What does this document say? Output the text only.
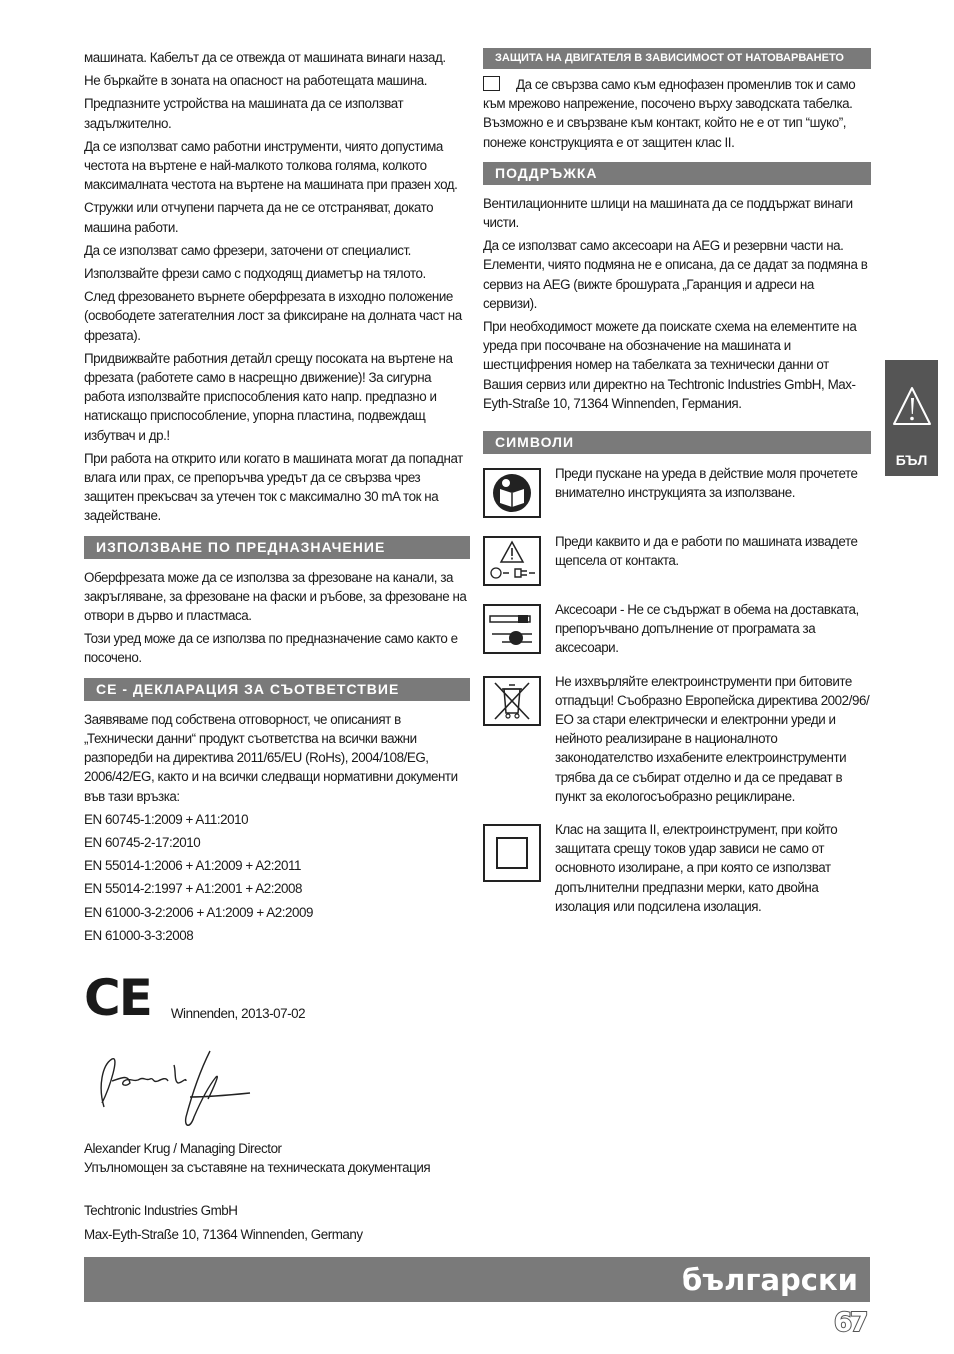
машината. Кабелът да се отвежда от машината винаги назад.

Не бъркайте в зоната на опасност на работещата машина.

Предпазните устройства на машината да се използват задължително.

Да се използват само работни инструменти, чиято допустима честота на въртене е най-малкото толкова голяма, колкото максималната честота на въртене на машината при празен ход.

Стружки или отчупени парчета да не се отстраняват, докато машина работи.

Да се използват само фрезери, заточени от специалист.

Използвайте фрези само с подходящ диаметър на тялото.

След фрезоването върнете оберфрезата в изходно положение (освободете затегателния лост за фиксиране на долната част на фрезата).

Придвижвайте работния детайл срещу посоката на въртене на фрезата (работете само в насрещно движение)! За сигурна работа използвайте приспособления като напр. предпазно и натискащо приспособление, упорна пластина, подвеждащ избутвач и др.!

При работа на открито или когато в машината могат да попаднат влага или прах, се препоръчва уредът да се свързва чрез защитен прекъсвач за утечен ток с максимално 30 mA ток на задействане.

ИЗПОЛЗВАНЕ ПО ПРЕДНАЗНАЧЕНИЕ

Оберфрезата може да се използва за фрезоване на канали, за закръгляване, за фрезоване на фаски и ръбове, за фрезоване на отвори в дърво и пластмаса.

Този уред може да се използва по предназначение само както е посочено.

CE - ДЕКЛАРАЦИЯ ЗА СЪОТВЕТСТВИЕ

Заявяваме под собствена отговорност, че описаният в „Технически данни“ продукт съответства на всички важни разпоредби на директива 2011/65/EU (RoHs), 2004/108/EG, 2006/42/EG, както и на всички следващи нормативни документи във тази връзка:

EN 60745-1:2009 + A11:2010

EN 60745-2-17:2010

EN 55014-1:2006 + A1:2009 + A2:2011

EN 55014-2:1997 + A1:2001 + A2:2008

EN 61000-3-2:2006 + A1:2009 + A2:2009

EN 61000-3-3:2008

CE Winnenden, 2013-07-02

Alexander Krug / Managing Director

Упълномощен за съставяне на техническата документация

Techtronic Industries GmbH

Max-Eyth-Straße 10, 71364 Winnenden, Germany

ЗАЩИТА НА ДВИГАТЕЛЯ В ЗАВИСИМОСТ ОТ НАТОВАРВАНЕТО

Да се свързва само към еднофазен променлив ток и само към мрежово напрежение, посочено върху заводската табелка. Възможно е и свързване към контакт, който не е от тип “шуко”, понеже конструкцията е от защитен клас II.

ПОДДРЪЖКА

Вентилационните шлици на машината да се поддържат винаги чисти.

Да се използват само аксесоари на AEG и резервни части на. Елементи, чиято подмяна не е описана, да се дадат за подмяна в сервиз на AEG (вижте брошурата „Гаранция и адреси на сервизи).

При необходимост можете да поискате схема на елементите на уреда при посочване на обозначение на машината и шестцифрения номер на табелката за технически данни от Вашия сервиз или директно на Techtronic Industries GmbH, Max-Eyth-Straße 10, 71364 Winnenden, Германия.

СИМВОЛИ
Преди пускане на уреда в действие моля прочетете внимателно инструкцията за използване.
Преди каквито и да е работи по машината извадете щепсела от контакта.
Аксесоари - Не се съдържат в обема на доставката, препоръчвано допълнение от програмата за аксесоари.
Не изхвърляйте електроинструменти при битовите отпадъци! Съобразно Европейска директива 2002/96/ЕО за стари електрически и електронни уреди и нейното реализиране в националното законодателство изхабените електроинструменти трябва да се събират отделно и да се предават в пункт за екологосъобразно рециклиране.
Клас на защита II, електроинструмент, при който защитата срещу токов удар зависи не само от основното изолиране, а при която се използват допълнителни предпазни мерки, като двойна изолация или подсилена изолация.
БЪЛ
български
67
